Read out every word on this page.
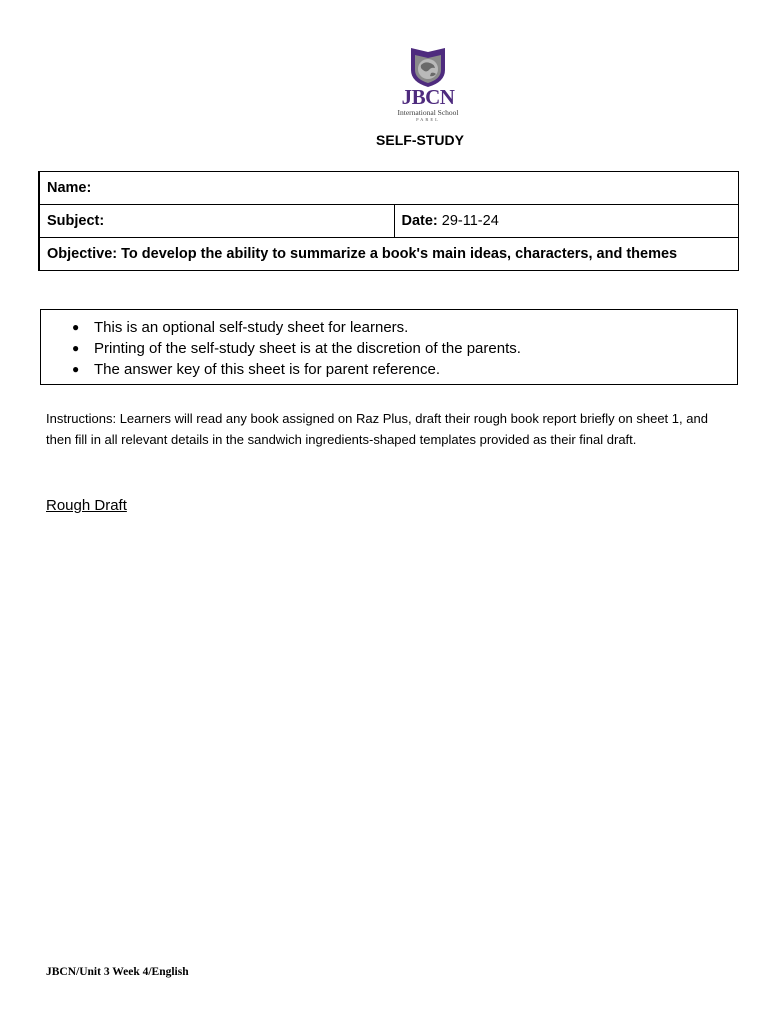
JBCN
International School
PAREL
SELF-STUDY
Name:
Subject:	Date: 29-11-24
Objective: To develop the ability to summarize a book's main ideas, characters, and themes
● This is an optional self-study sheet for learners.
● Printing of the self-study sheet is at the discretion of the parents.
● The answer key of this sheet is for parent reference.
Instructions: Learners will read any book assigned on Raz Plus, draft their rough book report briefly on sheet 1, and then fill in all relevant details in the sandwich ingredients-shaped templates provided as their final draft.
Rough Draft
JBCN/Unit 3 Week 4/English
